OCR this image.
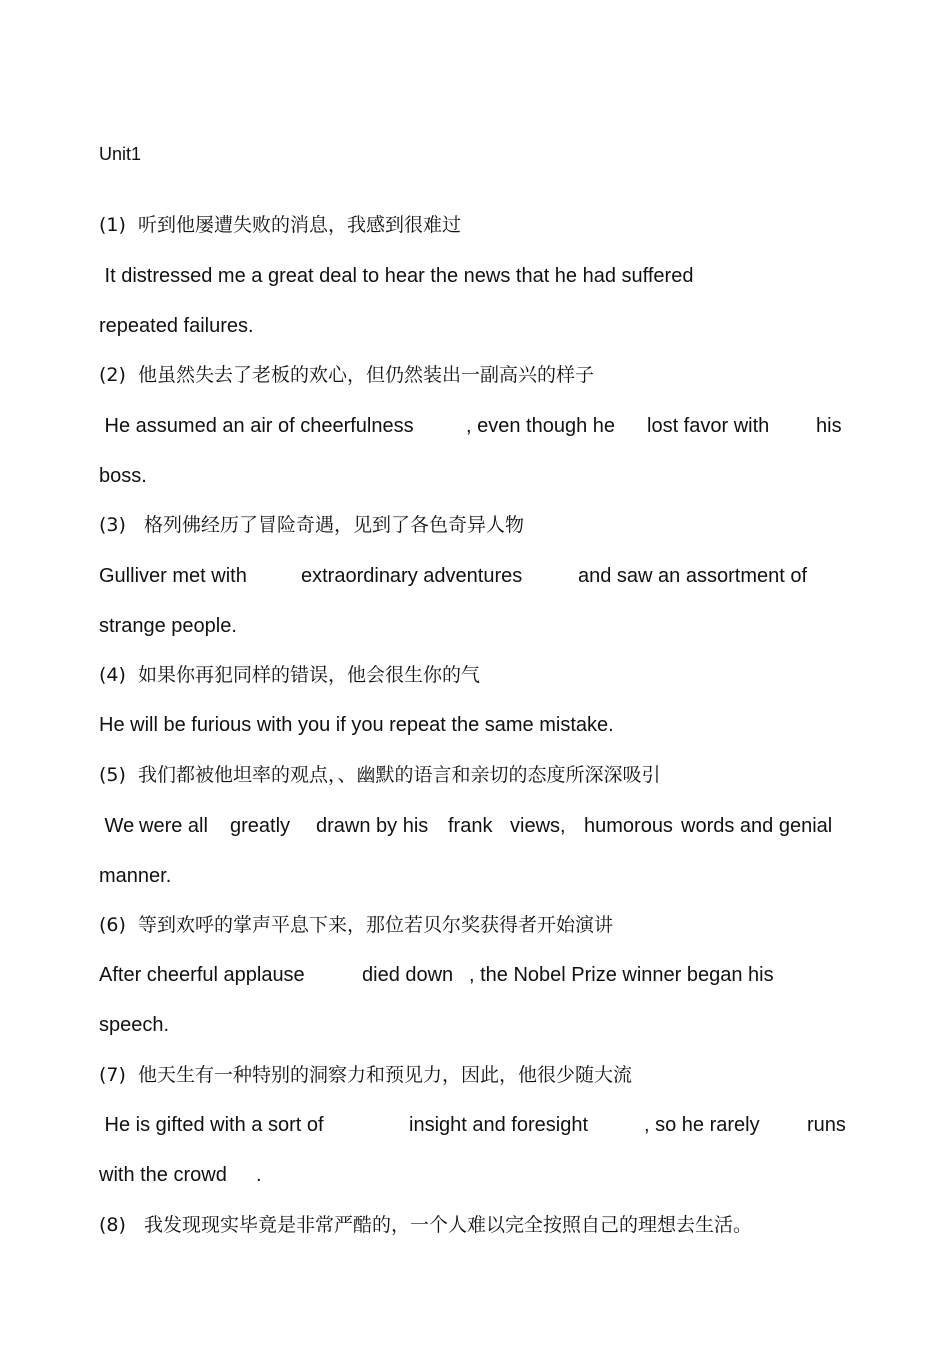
Unit1
(1)  听到他屡遭失败的消息，我感到很难过
It distressed me a great deal to hear the news that he had suffered
repeated failures.
(2)  他虽然失去了老板的欢心，但仍然装出一副高兴的样子

He assumed an air of cheerfulness

	, even though he

lost favor with

his

boss.
(3)   格列佛经历了冒险奇遇，见到了各色奇异人物

Gulliver met with

	extraordinary adventures

	and saw an assortment of

strange people.
(4)  如果你再犯同样的错误，他会很生你的气
He will be furious with you if you repeat the same mistake.
(5)  我们都被他坦率的观点，、幽默的语言和亲切的态度所深深吸引

We

were all

greatly

drawn by his

frank

views,

humorous

words and genial

manner.
(6)  等到欢呼的掌声平息下来，那位若贝尔奖获得者开始演讲

After cheerful applause

	died down

, the Nobel Prize winner began his

speech.
(7)  他天生有一种特别的洞察力和预见力，因此，他很少随大流

He is gifted with a sort of

	insight and foresight

	, so he rarely

runs

with the crowd

.

(8)   我发现现实毕竟是非常严酷的，一个人难以完全按照自己的理想去生活。
